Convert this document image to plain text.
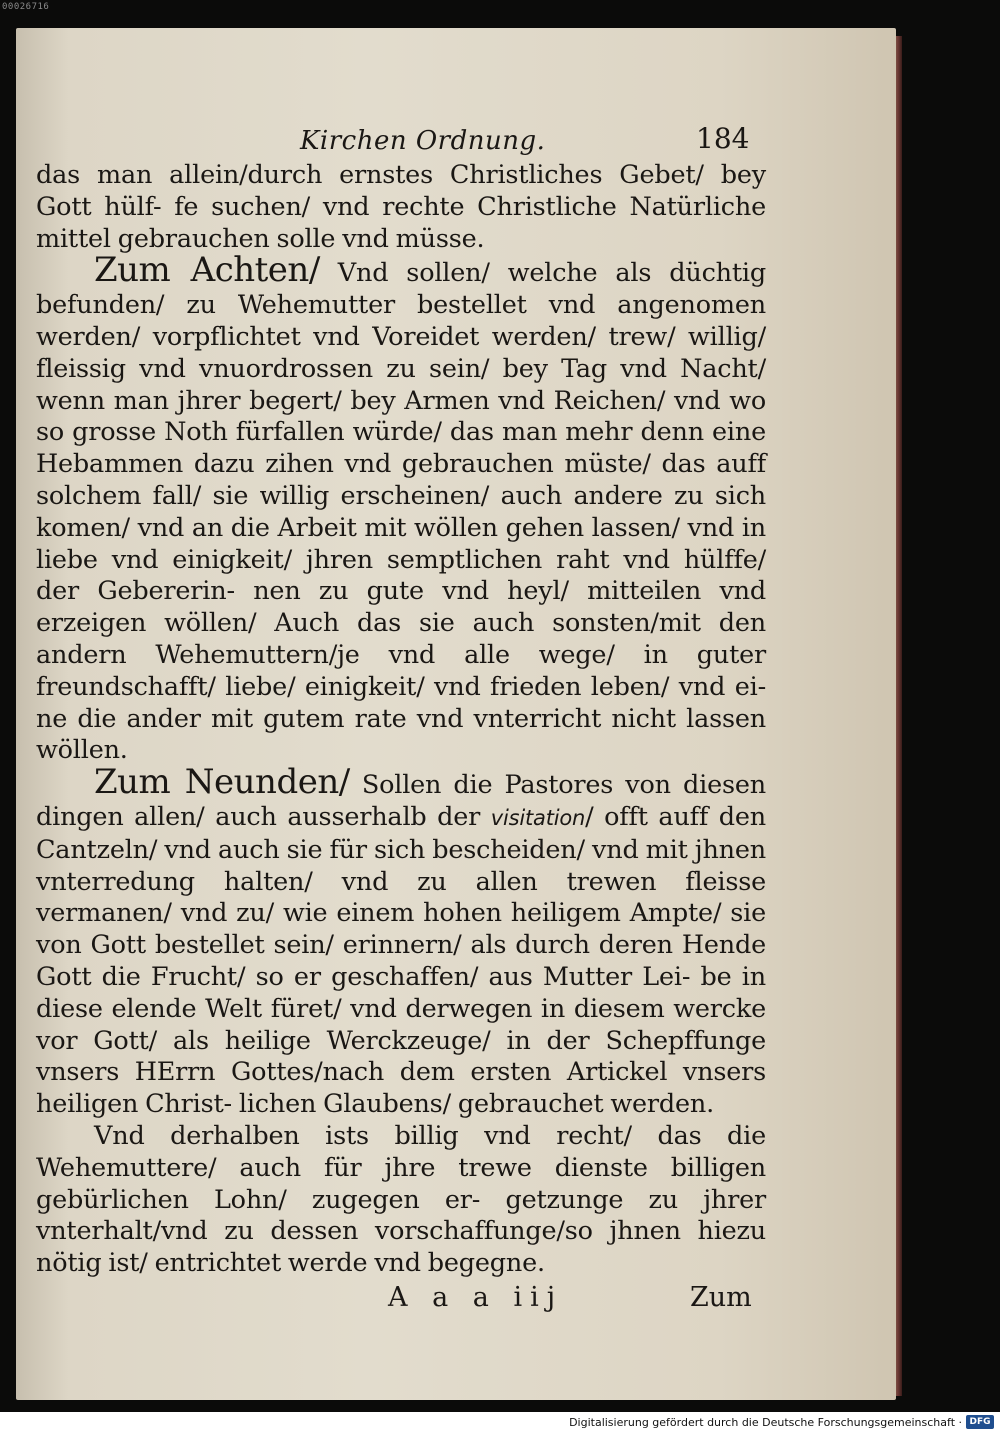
00026716
Kirchen Ordnung.	184

das man allein/durch ernstes Christliches Gebet/ bey Gott hülf- fe suchen/ vnd rechte Christliche Natürliche mittel gebrauchen solle vnd müsse.

Zum Achten/ Vnd sollen/ welche als düchtig befunden/ zu Wehemutter bestellet vnd angenomen werden/ vorpflichtet vnd Voreidet werden/ trew/ willig/ fleissig vnd vnuordrossen zu sein/ bey Tag vnd Nacht/ wenn man jhrer begert/ bey Armen vnd Reichen/ vnd wo so grosse Noth fürfallen würde/ das man mehr denn eine Hebammen dazu zihen vnd gebrauchen müste/ das auff solchem fall/ sie willig erscheinen/ auch andere zu sich komen/ vnd an die Arbeit mit wöllen gehen lassen/ vnd in liebe vnd einigkeit/ jhren semptlichen raht vnd hülffe/ der Gebererin- nen zu gute vnd heyl/ mitteilen vnd erzeigen wöllen/ Auch das sie auch sonsten/mit den andern Wehemuttern/je vnd alle wege/ in guter freundschafft/ liebe/ einigkeit/ vnd frieden leben/ vnd ei- ne die ander mit gutem rate vnd vnterricht nicht lassen wöllen.

Zum Neunden/ Sollen die Pastores von diesen dingen allen/ auch ausserhalb der visitation/ offt auff den Cantzeln/ vnd auch sie für sich bescheiden/ vnd mit jhnen vnterredung halten/ vnd zu allen trewen fleisse vermanen/ vnd zu/ wie einem hohen heiligem Ampte/ sie von Gott bestellet sein/ erinnern/ als durch deren Hende Gott die Frucht/ so er geschaffen/ aus Mutter Lei- be in diese elende Welt füret/ vnd derwegen in diesem wercke vor Gott/ als heilige Werckzeuge/ in der Schepffunge vnsers HErrn Gottes/nach dem ersten Artickel vnsers heiligen Christ- lichen Glaubens/ gebrauchet werden.

Vnd derhalben ists billig vnd recht/ das die Wehemuttere/ auch für jhre trewe dienste billigen gebürlichen Lohn/ zugegen er- getzunge zu jhrer vnterhalt/vnd zu dessen vorschaffunge/so jhnen hiezu nötig ist/ entrichtet werde vnd begegne.

A a a iij	Zum
Digitalisierung gefördert durch die Deutsche Forschungsgemeinschaft · DFG
